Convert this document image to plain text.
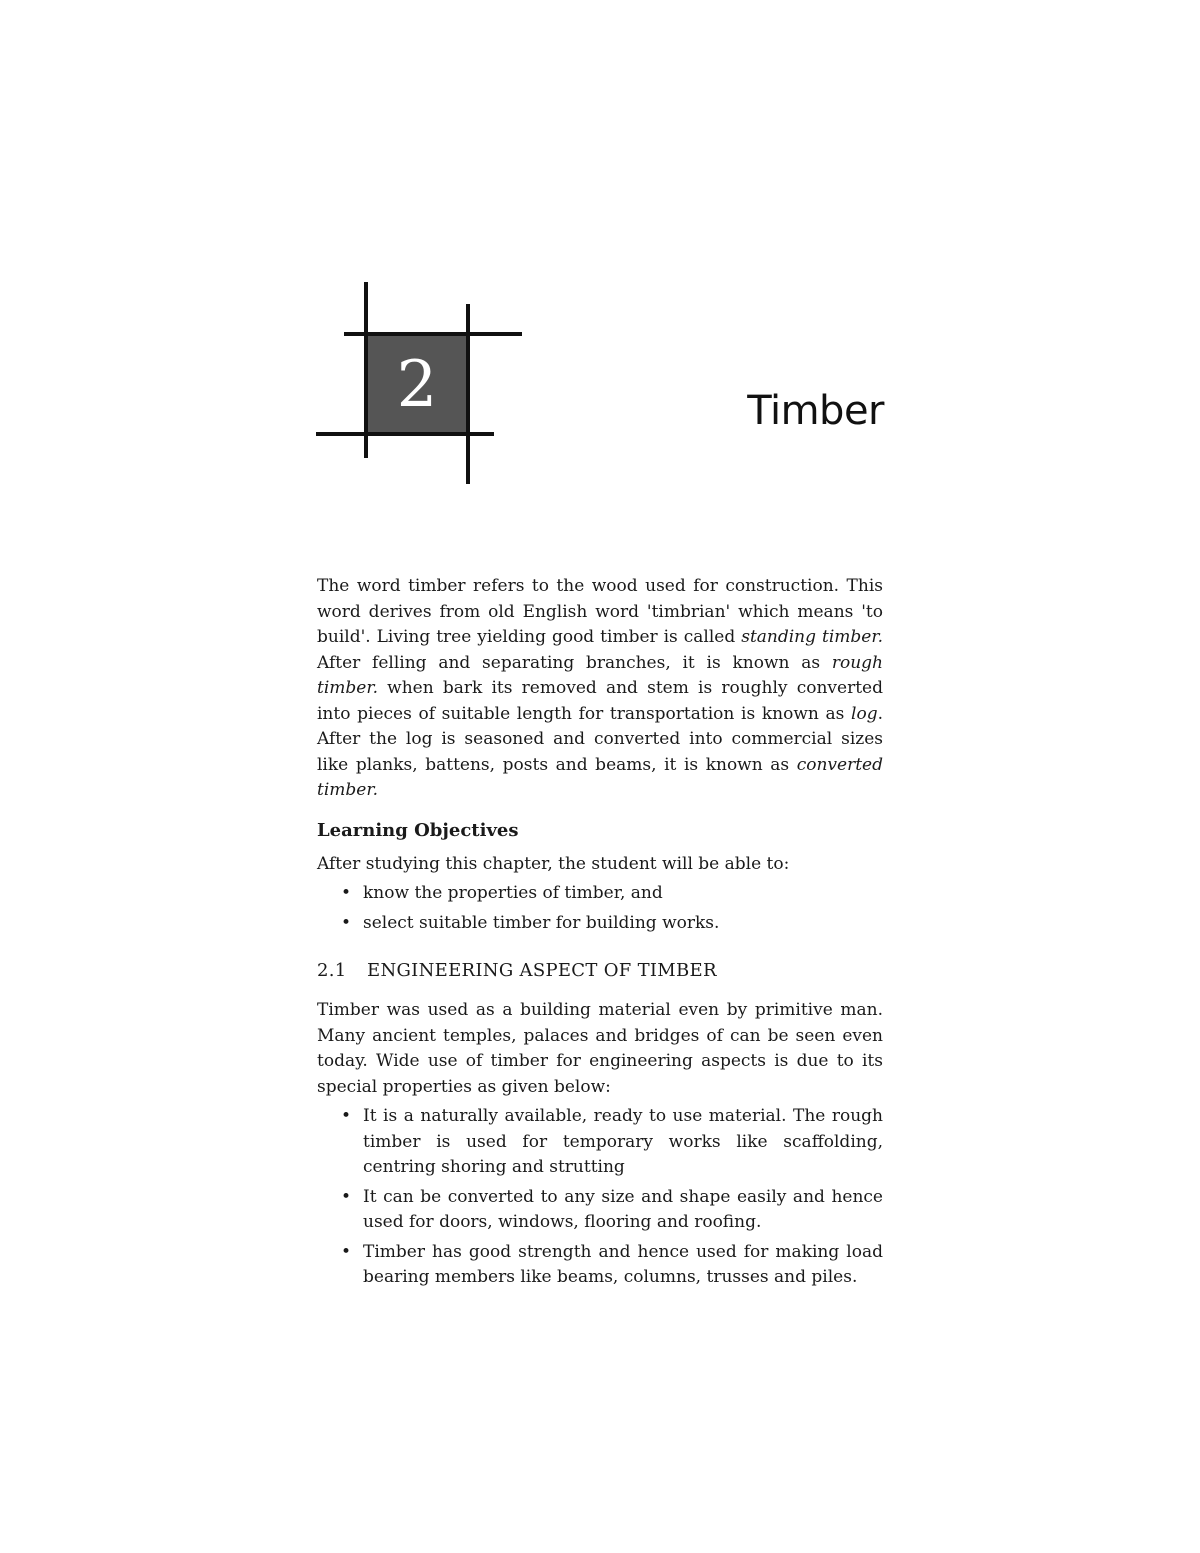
2	Timber

The word timber refers to the wood used for construction. This word derives from old English word 'timbrian' which means 'to build'. Living tree yielding good timber is called standing timber. After felling and separating branches, it is known as rough timber. when bark its removed and stem is roughly converted into pieces of suitable length for transportation is known as log. After the log is seasoned and converted into commercial sizes like planks, battens, posts and beams, it is known as converted timber.

Learning Objectives

After studying this chapter, the student will be able to:

• know the properties of timber, and
• select suitable timber for building works.
2.1 ENGINEERING ASPECT OF TIMBER

Timber was used as a building material even by primitive man. Many ancient temples, palaces and bridges of can be seen even today. Wide use of timber for engineering aspects is due to its special properties as given below:

• It is a naturally available, ready to use material. The rough timber is used for temporary works like scaffolding, centring shoring and strutting
• It can be converted to any size and shape easily and hence used for doors, windows, flooring and roofing.
• Timber has good strength and hence used for making load bearing members like beams, columns, trusses and piles.
